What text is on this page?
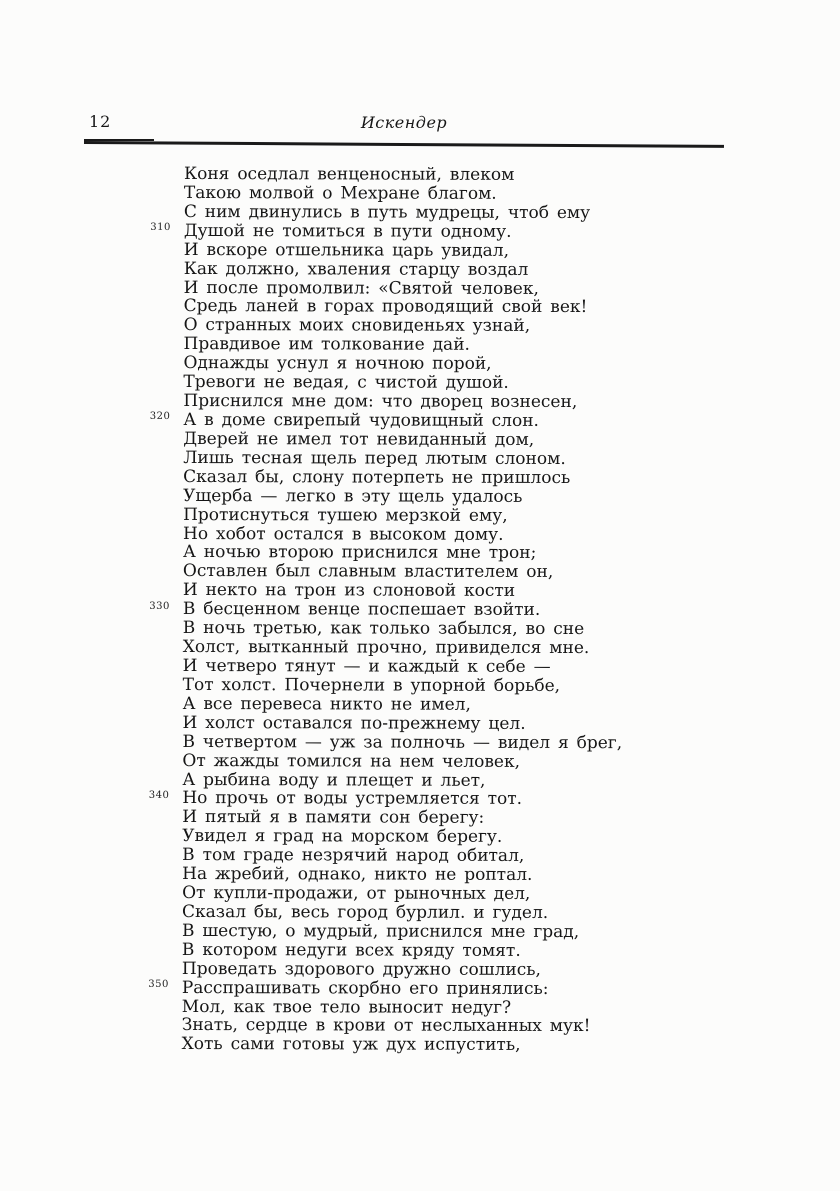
12	Искендер
Коня оседлал венценосный, влеком
Такою молвой о Мехране благом.
С ним двинулись в путь мудрецы, чтоб ему
310 Душой не томиться в пути одному.
И вскоре отшельника царь увидал,
Как должно, хваления старцу воздал
И после промолвил: «Святой человек,
Средь ланей в горах проводящий свой век!
О странных моих сновиденьях узнай,
Правдивое им толкование дай.
Однажды уснул я ночною порой,
Тревоги не ведая, с чистой душой.
Приснился мне дом: что дворец вознесен,
320 А в доме свирепый чудовищный слон.
Дверей не имел тот невиданный дом,
Лишь тесная щель перед лютым слоном.
Сказал бы, слону потерпеть не пришлось
Ущерба — легко в эту щель удалось
Протиснуться тушею мерзкой ему,
Но хобот остался в высоком дому.
А ночью второю приснился мне трон;
Оставлен был славным властителем он,
И некто на трон из слоновой кости
330 В бесценном венце поспешает взойти.
В ночь третью, как только забылся, во сне
Холст, вытканный прочно, привиделся мне.
И четверо тянут — и каждый к себе —
Тот холст. Почернели в упорной борьбе,
А все перевеса никто не имел,
И холст оставался по-прежнему цел.
В четвертом — уж за полночь — видел я брег,
От жажды томился на нем человек,
А рыбина воду и плещет и льет,
340 Но прочь от воды устремляется тот.
И пятый я в памяти сон берегу:
Увидел я град на морском берегу.
В том граде незрячий народ обитал,
На жребий, однако, никто не роптал.
От купли-продажи, от рыночных дел,
Сказал бы, весь город бурлил. и гудел.
В шестую, о мудрый, приснился мне град,
В котором недуги всех кряду томят.
Проведать здорового дружно сошлись,
350 Расспрашивать скорбно его принялись:
Мол, как твое тело выносит недуг?
Знать, сердце в крови от неслыханных мук!
Хоть сами готовы уж дух испустить,
